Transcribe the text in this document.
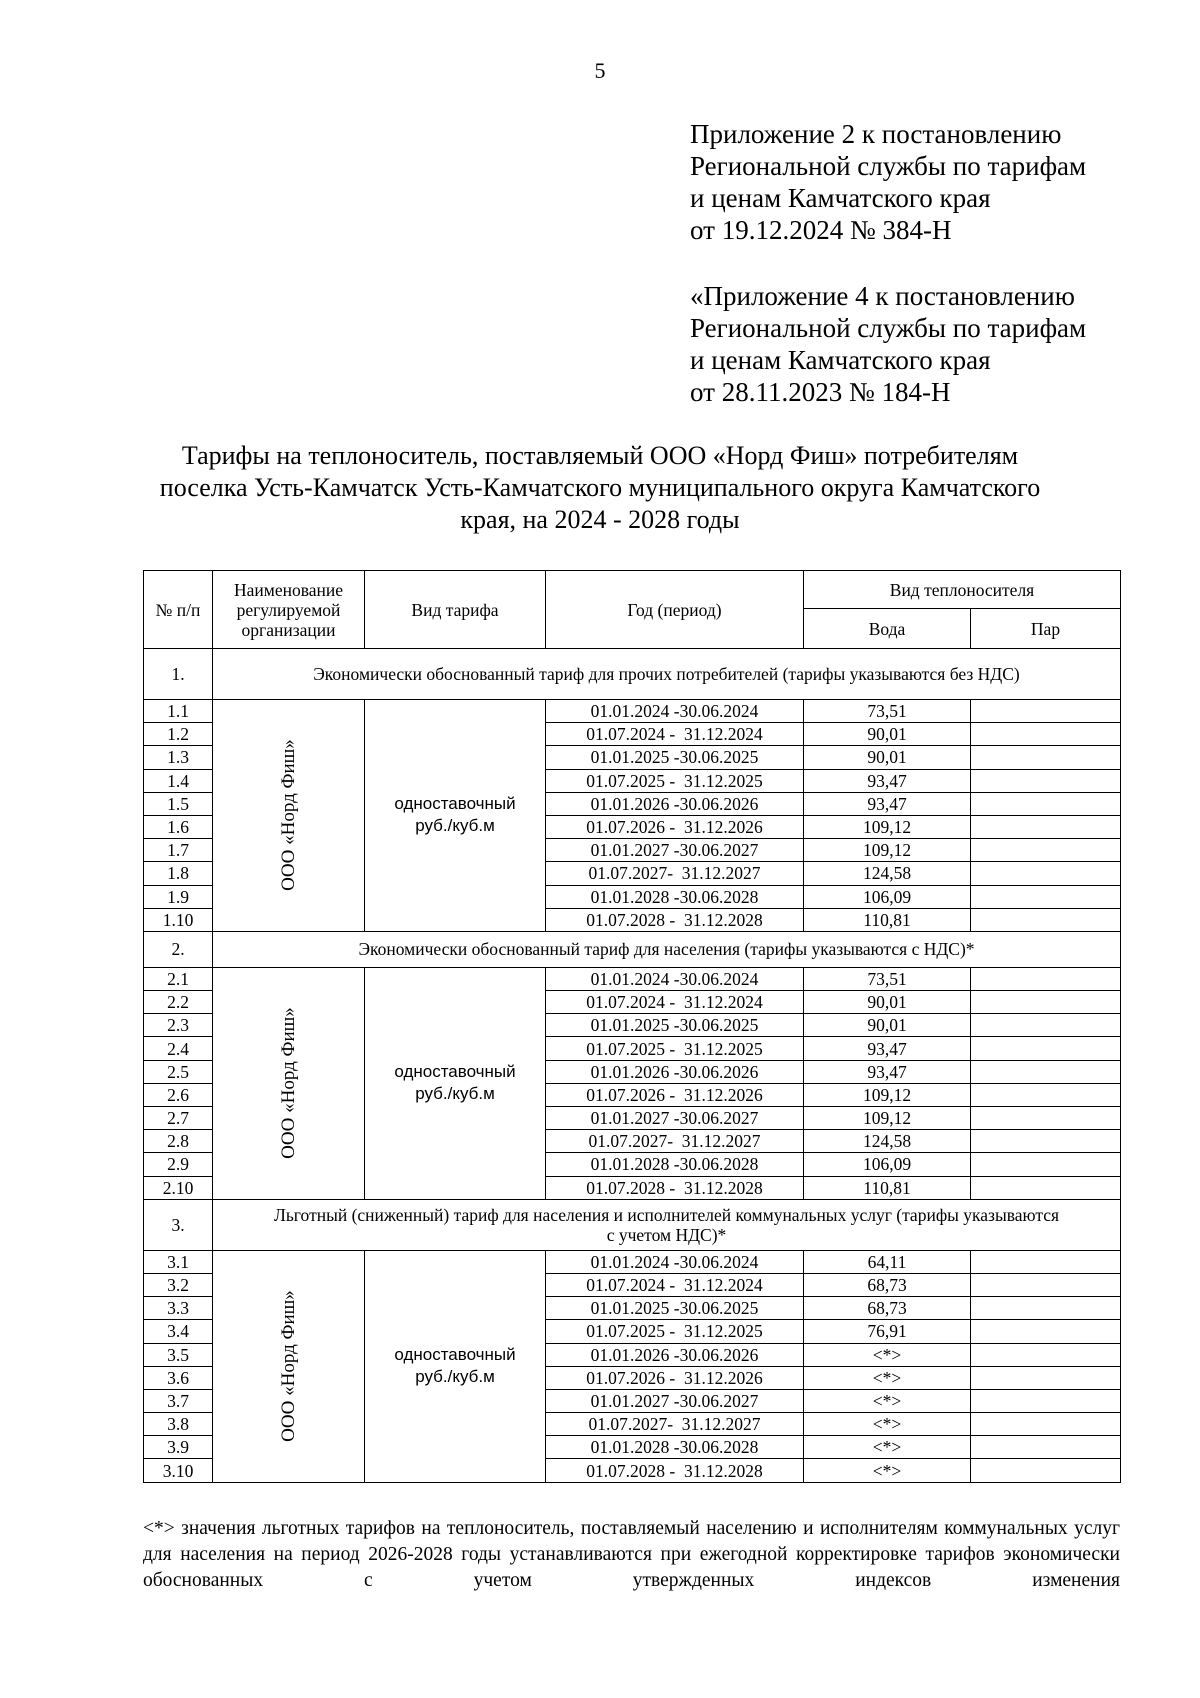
5
Приложение 2 к постановлению
Региональной службы по тарифам
и ценам Камчатского края
от 19.12.2024 № 384-Н
«Приложение 4 к постановлению
Региональной службы по тарифам
и ценам Камчатского края
от 28.11.2023 № 184-Н
Тарифы на теплоноситель, поставляемый ООО «Норд Фиш» потребителям
поселка Усть-Камчатск Усть-Камчатского муниципального округа Камчатского
края, на 2024 - 2028 годы
№ п/п	Наименование регулируемой организации	Вид тарифа	Год (период)	Вид теплоносителя	
				Вода	Пар
1.	Экономически обоснованный тариф для прочих потребителей (тарифы указываются без НДС)				
1.1	ООО «Норд Фиш»	одноставочный руб./куб.м	01.01.2024 -30.06.2024	73,51	
1.2			01.07.2024 -  31.12.2024	90,01	
1.3			01.01.2025 -30.06.2025	90,01	
1.4			01.07.2025 -  31.12.2025	93,47	
1.5			01.01.2026 -30.06.2026	93,47	
1.6			01.07.2026 -  31.12.2026	109,12	
1.7			01.01.2027 -30.06.2027	109,12	
1.8			01.07.2027-  31.12.2027	124,58	
1.9			01.01.2028 -30.06.2028	106,09	
1.10			01.07.2028 -  31.12.2028	110,81	
2.	Экономически обоснованный тариф для населения (тарифы указываются с НДС)*				
2.1	ООО «Норд Фиш»	одноставочный руб./куб.м	01.01.2024 -30.06.2024	73,51	
2.2			01.07.2024 -  31.12.2024	90,01	
2.3			01.01.2025 -30.06.2025	90,01	
2.4			01.07.2025 -  31.12.2025	93,47	
2.5			01.01.2026 -30.06.2026	93,47	
2.6			01.07.2026 -  31.12.2026	109,12	
2.7			01.01.2027 -30.06.2027	109,12	
2.8			01.07.2027-  31.12.2027	124,58	
2.9			01.01.2028 -30.06.2028	106,09	
2.10			01.07.2028 -  31.12.2028	110,81	
3.	Льготный (сниженный) тариф для населения и исполнителей коммунальных услуг (тарифы указываются с учетом НДС)*				
3.1	ООО «Норд Фиш»	одноставочный руб./куб.м	01.01.2024 -30.06.2024	64,11	
3.2			01.07.2024 -  31.12.2024	68,73	
3.3			01.01.2025 -30.06.2025	68,73	
3.4			01.07.2025 -  31.12.2025	76,91	
3.5			01.01.2026 -30.06.2026	<*>	
3.6			01.07.2026 -  31.12.2026	<*>	
3.7			01.01.2027 -30.06.2027	<*>	
3.8			01.07.2027-  31.12.2027	<*>	
3.9			01.01.2028 -30.06.2028	<*>	
3.10			01.07.2028 -  31.12.2028	<*>	
<*> значения льготных тарифов на теплоноситель, поставляемый населению и исполнителям коммунальных услуг для населения на период 2026-2028 годы устанавливаются при ежегодной корректировке тарифов экономически обоснованных с учетом утвержденных индексов изменения
